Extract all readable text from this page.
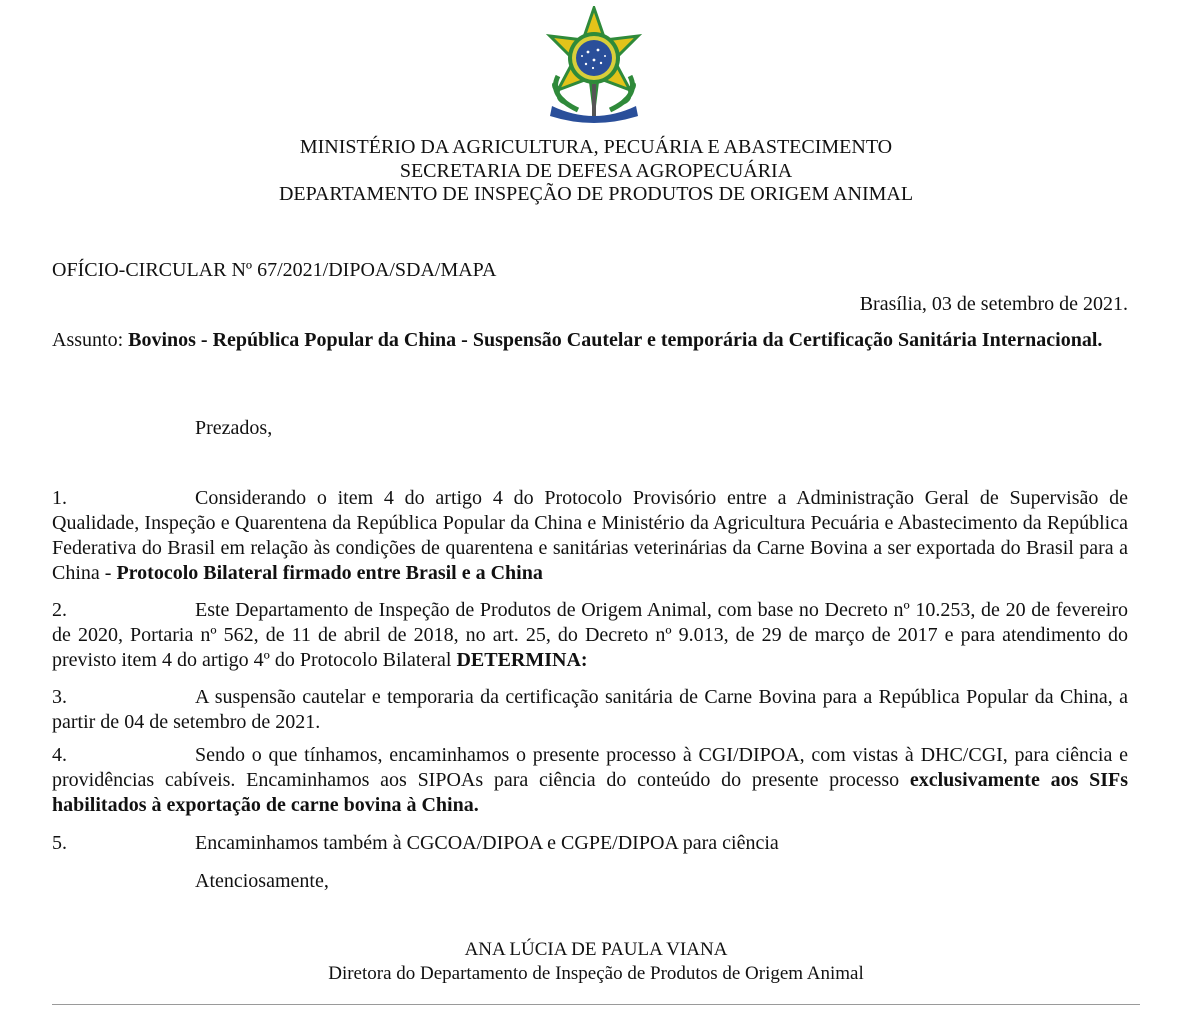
MINISTÉRIO DA AGRICULTURA, PECUÁRIA E ABASTECIMENTO
SECRETARIA DE DEFESA AGROPECUÁRIA
DEPARTAMENTO DE INSPEÇÃO DE PRODUTOS DE ORIGEM ANIMAL
OFÍCIO-CIRCULAR Nº 67/2021/DIPOA/SDA/MAPA
Brasília, 03 de setembro de 2021.
Assunto: Bovinos - República Popular da China - Suspensão Cautelar e temporária da Certificação Sanitária Internacional.
Prezados,
1.	Considerando o item 4 do artigo 4 do Protocolo Provisório entre a Administração Geral de Supervisão de Qualidade, Inspeção e Quarentena da República Popular da China e Ministério da Agricultura Pecuária e Abastecimento da República Federativa do Brasil em relação às condições de quarentena e sanitárias veterinárias da Carne Bovina a ser exportada do Brasil para a China - Protocolo Bilateral firmado entre Brasil e a China
2.	Este Departamento de Inspeção de Produtos de Origem Animal, com base no Decreto nº 10.253, de 20 de fevereiro de 2020, Portaria nº 562, de 11 de abril de 2018, no art. 25, do Decreto nº 9.013, de 29 de março de 2017 e para atendimento do previsto item 4 do artigo 4º do Protocolo Bilateral DETERMINA:
3.	A suspensão cautelar e temporaria da certificação sanitária de Carne Bovina para a República Popular da China, a partir de 04 de setembro de 2021.
4.	Sendo o que tínhamos, encaminhamos o presente processo à CGI/DIPOA, com vistas à DHC/CGI, para ciência e providências cabíveis. Encaminhamos aos SIPOAs para ciência do conteúdo do presente processo exclusivamente aos SIFs habilitados à exportação de carne bovina à China.
5.	Encaminhamos também à CGCOA/DIPOA e CGPE/DIPOA para ciência
Atenciosamente,
ANA LÚCIA DE PAULA VIANA
Diretora do Departamento de Inspeção de Produtos de Origem Animal
